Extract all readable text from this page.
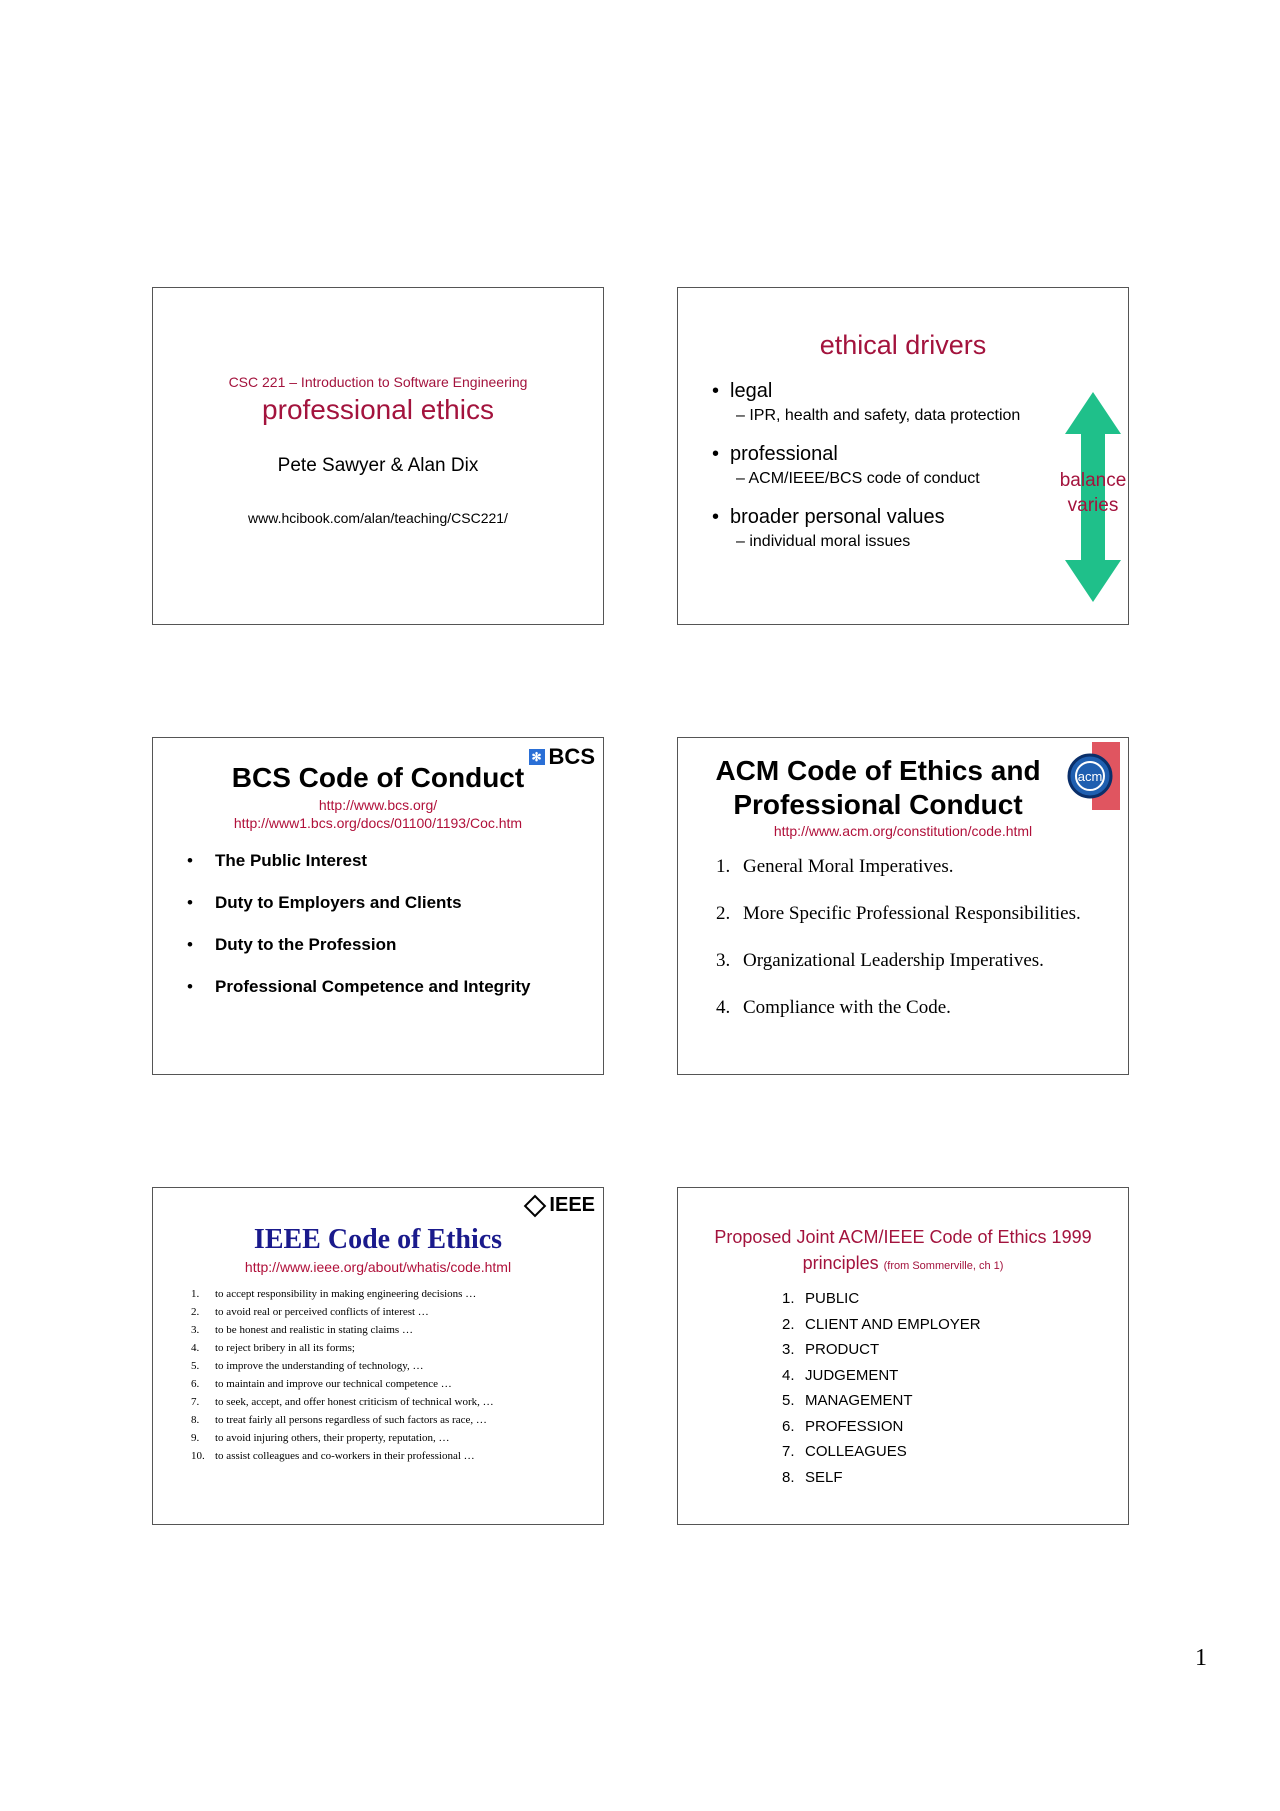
CSC 221 – Introduction to Software Engineering
professional ethics
Pete Sawyer & Alan Dix
www.hcibook.com/alan/teaching/CSC221/
ethical drivers
• legal
– IPR, health and safety, data protection
• professional
– ACM/IEEE/BCS code of conduct
• broader personal values
– individual moral issues
balance
varies
✻ BCS
BCS Code of Conduct
http://www.bcs.org/
http://www1.bcs.org/docs/01100/1193/Coc.htm
• The Public Interest
• Duty to Employers and Clients
• Duty to the Profession
• Professional Competence and Integrity
acm
ACM Code of Ethics and
Professional Conduct
http://www.acm.org/constitution/code.html
1. General Moral Imperatives.
2. More Specific Professional Responsibilities.
3. Organizational Leadership Imperatives.
4. Compliance with the Code.
IEEE
IEEE Code of Ethics
http://www.ieee.org/about/whatis/code.html
1. to accept responsibility in making engineering decisions …
2. to avoid real or perceived conflicts of interest …
3. to be honest and realistic in stating claims …
4. to reject bribery in all its forms;
5. to improve the understanding of technology, …
6. to maintain and improve our technical competence …
7. to seek, accept, and offer honest criticism of technical work, …
8. to treat fairly all persons regardless of such factors as race, …
9. to avoid injuring others, their property, reputation, …
10. to assist colleagues and co-workers in their professional …
Proposed Joint ACM/IEEE Code of Ethics 1999
principles (from Sommerville, ch 1)
1. PUBLIC
2. CLIENT AND EMPLOYER
3. PRODUCT
4. JUDGEMENT
5. MANAGEMENT
6. PROFESSION
7. COLLEAGUES
8. SELF
1
